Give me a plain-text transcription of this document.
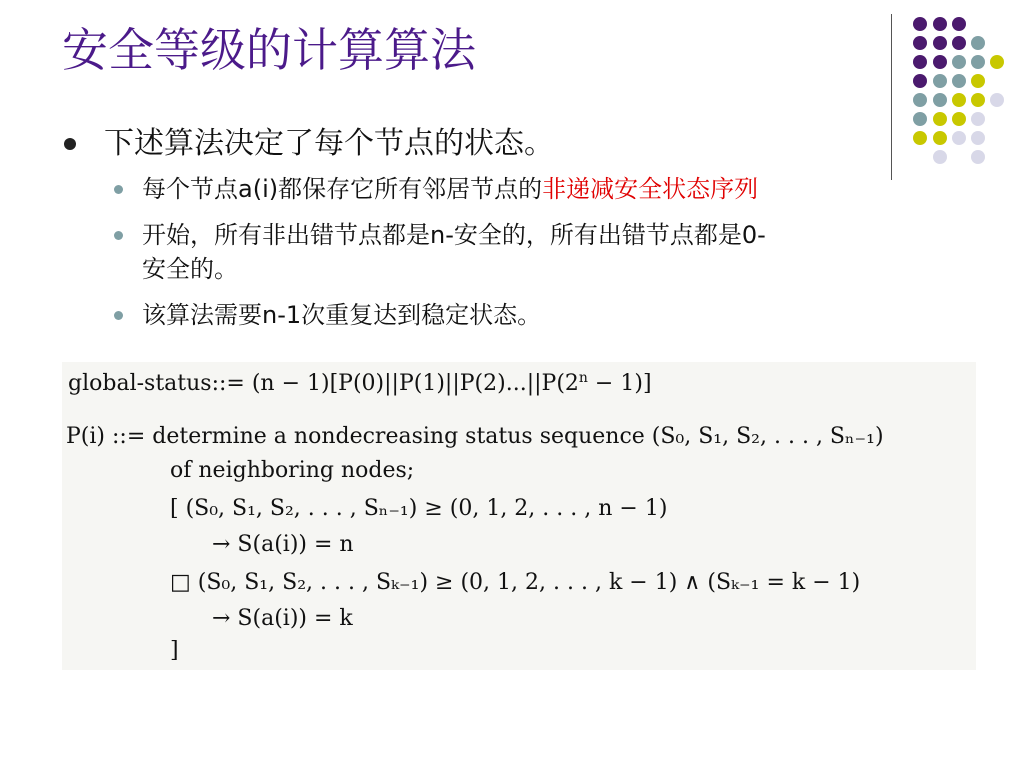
安全等级的计算算法
下述算法决定了每个节点的状态。
每个节点a(i)都保存它所有邻居节点的非递减安全状态序列
开始，所有非出错节点都是n-安全的，所有出错节点都是0-
安全的。
该算法需要n-1次重复达到稳定状态。
global-status::= $(n - 1)[P(0)||P(1)||P(2)...||P(2^n - 1)]$
P(i) ::= determine a nondecreasing status sequence (S₀, S₁, S₂, . . . , Sₙ₋₁)
of neighboring nodes;
[ (S₀, S₁, S₂, . . . , Sₙ₋₁) ≥ (0, 1, 2, . . . , n − 1)
→ S(a(i)) = n
□ (S₀, S₁, S₂, . . . , Sₖ₋₁) ≥ (0, 1, 2, . . . , k − 1) ∧ (Sₖ₋₁ = k − 1)
→ S(a(i)) = k
]
